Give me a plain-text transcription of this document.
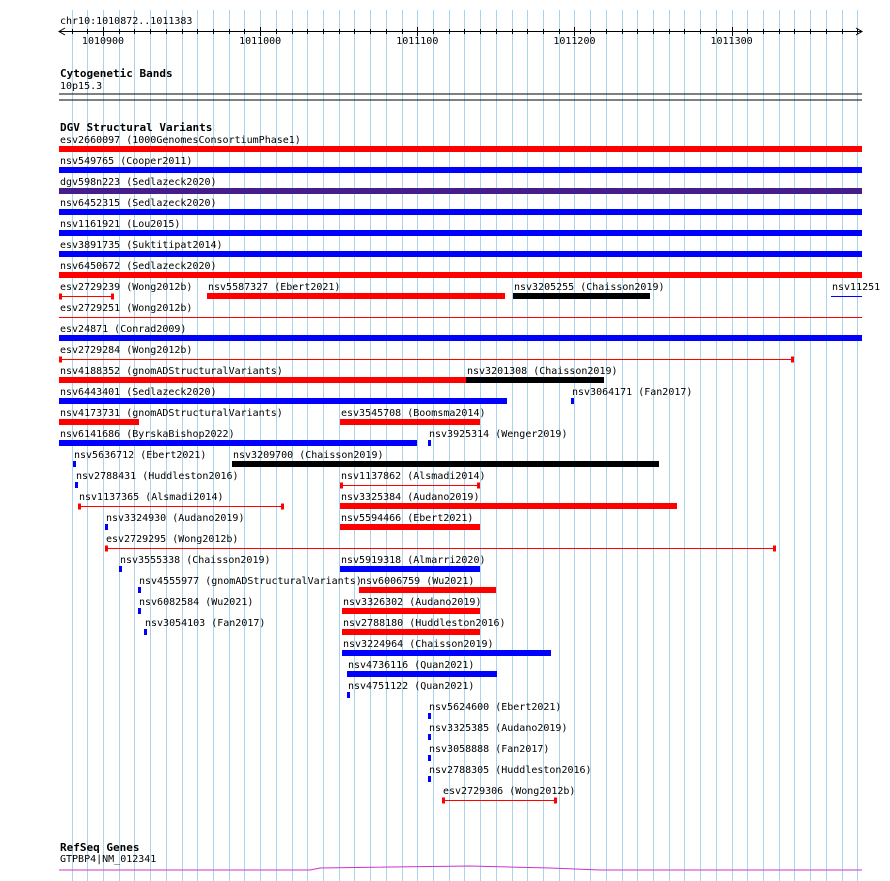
chr10:1010872..1011383
1010900	1011000	1011100	1011200	1011300
Cytogenetic Bands
10p15.3
DGV Structural Variants
esv2660097 (1000GenomesConsortiumPhase1)
nsv549765 (Cooper2011)
dgv598n223 (Sedlazeck2020)
nsv6452315 (Sedlazeck2020)
nsv1161921 (Lou2015)
esv3891735 (Suktitipat2014)
nsv6450672 (Sedlazeck2020)
esv2729239 (Wong2012b) nsv5587327 (Ebert2021)	nsv3205255 (Chaisson2019)	nsv11251
esv2729251 (Wong2012b)
esv24871 (Conrad2009)
esv2729284 (Wong2012b)
nsv4188352 (gnomADStructuralVariants)	nsv3201308 (Chaisson2019)
nsv6443401 (Sedlazeck2020)	nsv3064171 (Fan2017)
nsv4173731 (gnomADStructuralVariants)	esv3545708 (Boomsma2014)
nsv6141686 (ByrskaBishop2022)	nsv3925314 (Wenger2019)
nsv5636712 (Ebert2021)	nsv3209700 (Chaisson2019)
nsv2788431 (Huddleston2016)	nsv1137862 (Alsmadi2014)
nsv1137365 (Alsmadi2014)	nsv3325384 (Audano2019)
nsv3324930 (Audano2019)	nsv5594466 (Ebert2021)
esv2729295 (Wong2012b)
nsv3555338 (Chaisson2019)	nsv5919318 (Almarri2020)
nsv4555977 (gnomADStructuralVariants)
nsv6006759 (Wu2021)
nsv6082584 (Wu2021)	nsv3326302 (Audano2019)
nsv3054103 (Fan2017)	nsv2788180 (Huddleston2016)
nsv3224964 (Chaisson2019)
nsv4736116 (Quan2021)
nsv4751122 (Quan2021)
nsv5624600 (Ebert2021)
nsv3325385 (Audano2019)
nsv3058888 (Fan2017)
nsv2788305 (Huddleston2016)
esv2729306 (Wong2012b)
RefSeq Genes
GTPBP4|NM_012341
